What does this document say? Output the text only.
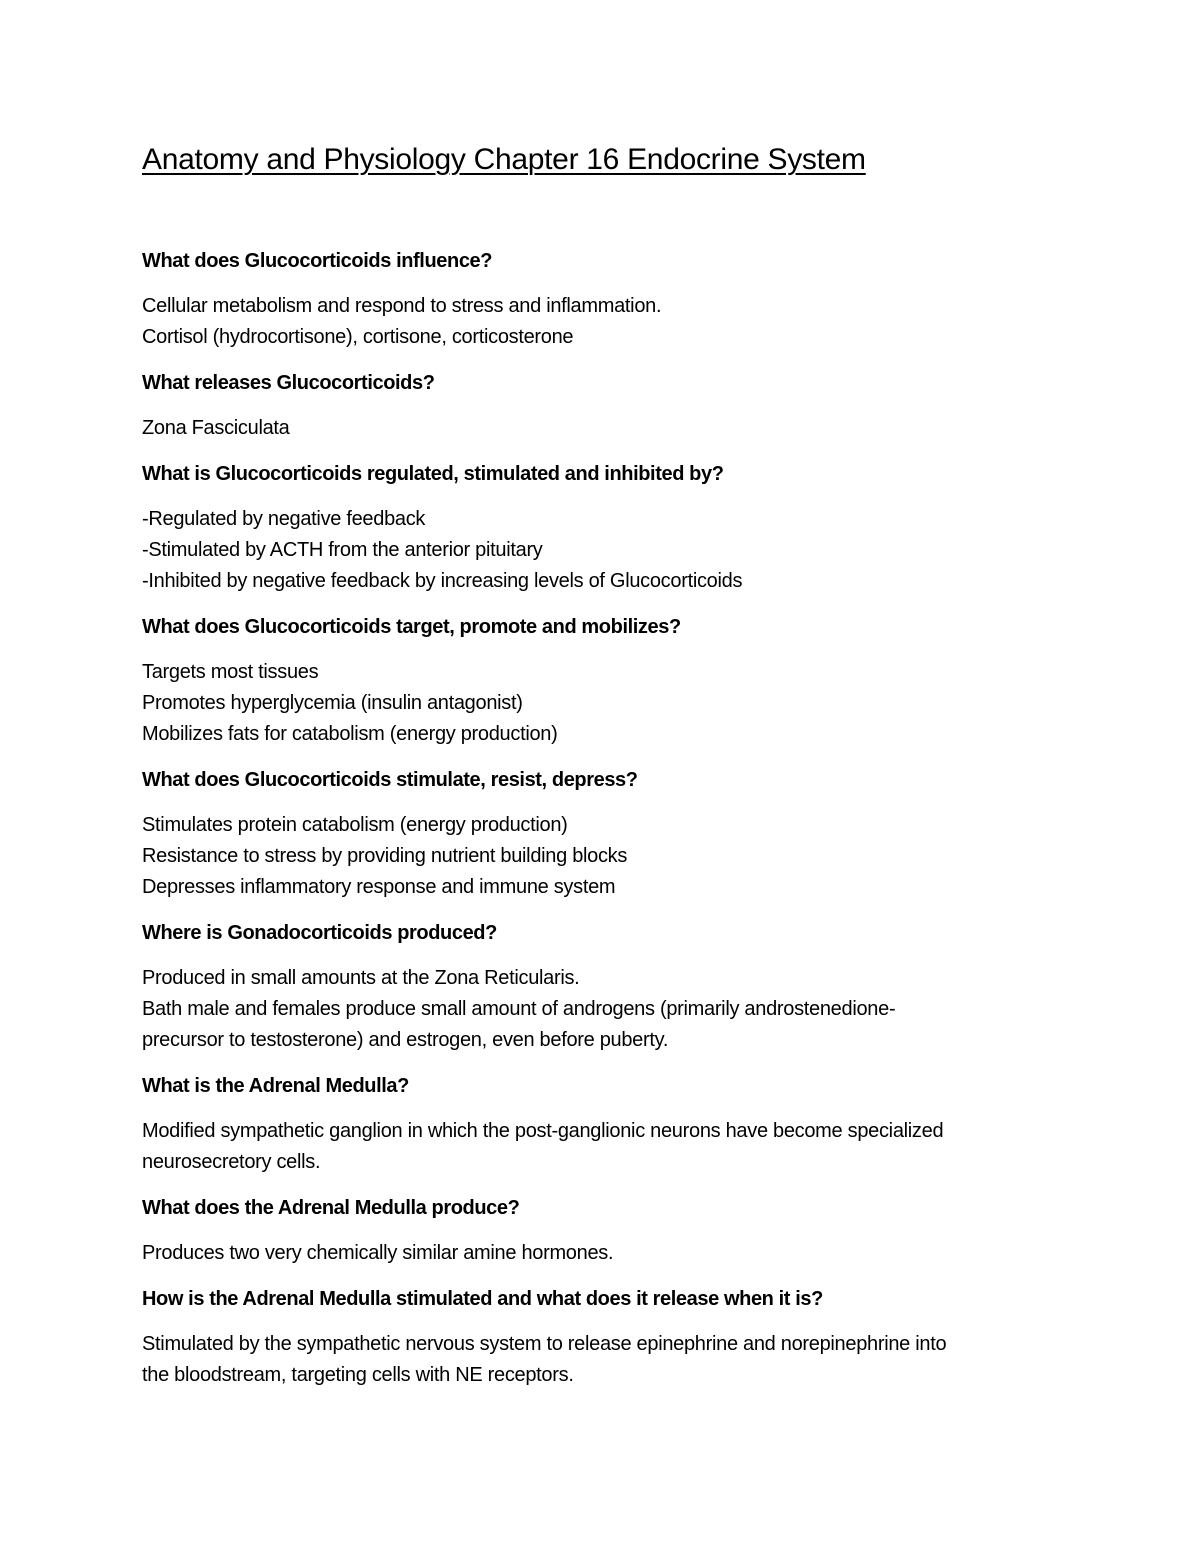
Anatomy and Physiology Chapter 16 Endocrine System

What does Glucocorticoids influence?

Cellular metabolism and respond to stress and inflammation.
Cortisol (hydrocortisone), cortisone, corticosterone

What releases Glucocorticoids?

Zona Fasciculata

What is Glucocorticoids regulated, stimulated and inhibited by?

-Regulated by negative feedback
-Stimulated by ACTH from the anterior pituitary
-Inhibited by negative feedback by increasing levels of Glucocorticoids

What does Glucocorticoids target, promote and mobilizes?

Targets most tissues
Promotes hyperglycemia (insulin antagonist)
Mobilizes fats for catabolism (energy production)

What does Glucocorticoids stimulate, resist, depress?

Stimulates protein catabolism (energy production)
Resistance to stress by providing nutrient building blocks
Depresses inflammatory response and immune system

Where is Gonadocorticoids produced?

Produced in small amounts at the Zona Reticularis.
Bath male and females produce small amount of androgens (primarily androstenedione-
precursor to testosterone) and estrogen, even before puberty.

What is the Adrenal Medulla?

Modified sympathetic ganglion in which the post-ganglionic neurons have become specialized
neurosecretory cells.

What does the Adrenal Medulla produce?

Produces two very chemically similar amine hormones.

How is the Adrenal Medulla stimulated and what does it release when it is?

Stimulated by the sympathetic nervous system to release epinephrine and norepinephrine into
the bloodstream, targeting cells with NE receptors.
